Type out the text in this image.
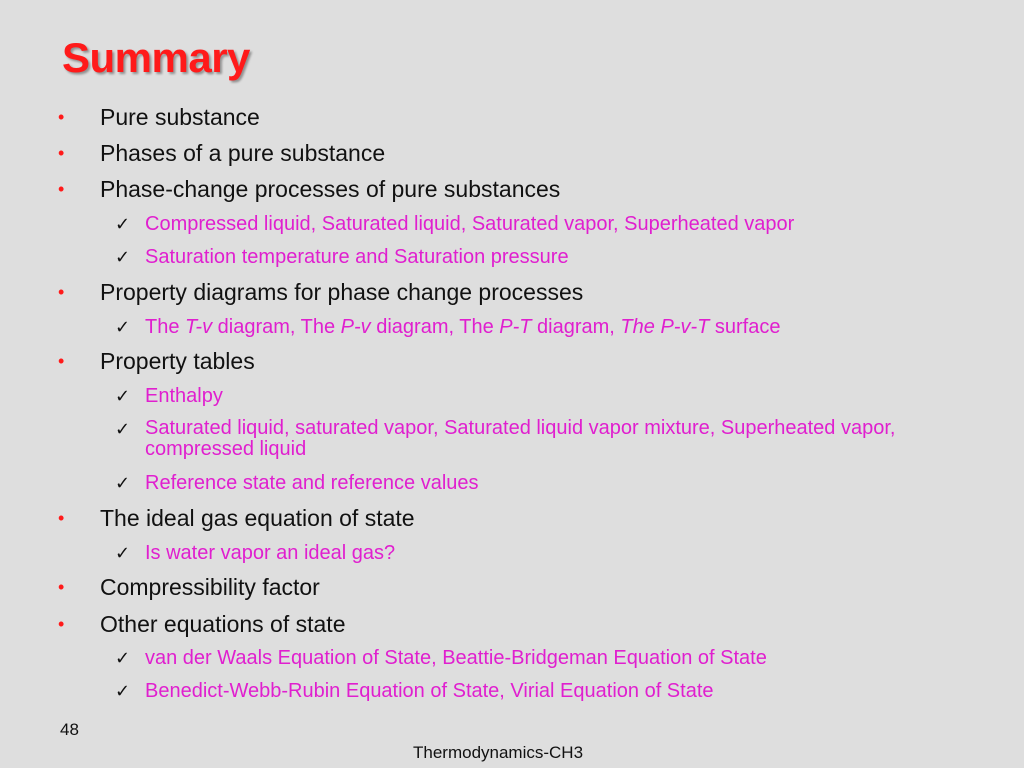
Summary
• Pure substance
• Phases of a pure substance
• Phase-change processes of pure substances
✓ Compressed liquid, Saturated liquid, Saturated vapor, Superheated vapor
✓ Saturation temperature and Saturation pressure
• Property diagrams for phase change processes
✓ The T-v diagram, The P-v diagram, The P-T diagram, The P-v-T surface
• Property tables
✓ Enthalpy
✓ Saturated liquid, saturated vapor, Saturated liquid vapor mixture, Superheated vapor, compressed liquid
✓ Reference state and reference values
• The ideal gas equation of state
✓ Is water vapor an ideal gas?
• Compressibility factor
• Other equations of state
✓ van der Waals Equation of State, Beattie-Bridgeman Equation of State
✓ Benedict-Webb-Rubin Equation of State, Virial Equation of State
48
Thermodynamics-CH3
